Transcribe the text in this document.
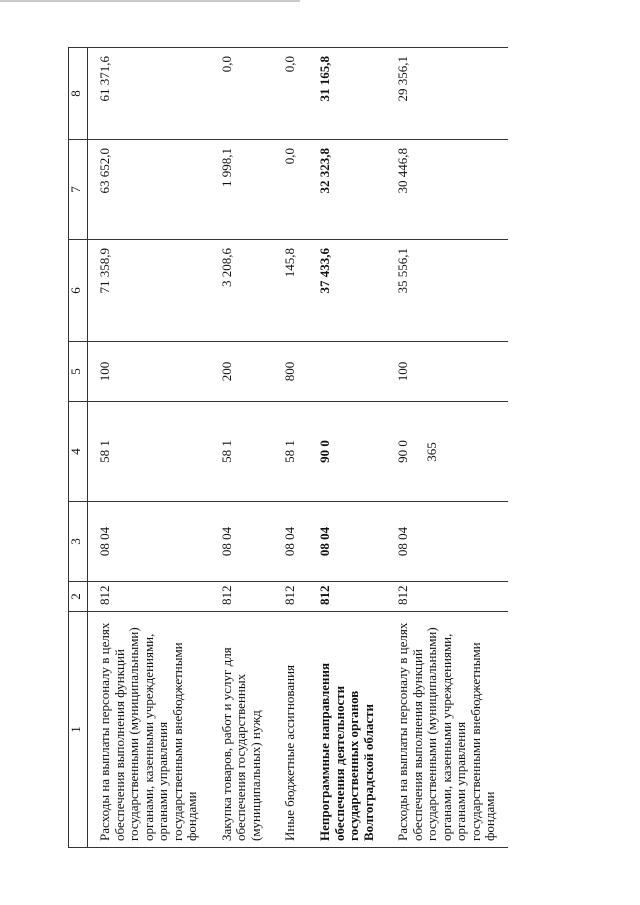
365
1	2	3	4	5	6	7	8
Расходы на выплаты персоналу в целях обеспечения выполнения функций государственными (муниципальными) органами, казенными учреждениями, органами управления государственными внебюджетными фондами	812	08 04	58 1	100	71 358,9	63 652,0	61 371,6
Закупка товаров, работ и услуг для обеспечения государственных (муниципальных) нужд	812	08 04	58 1	200	3 208,6	1 998,1	0,0
Иные бюджетные ассигнования	812	08 04	58 1	800	145,8	0,0	0,0
Непрограммные направления обеспечения деятельности государственных органов Волгоградской области	812	08 04	90 0		37 433,6	32 323,8	31 165,8
Расходы на выплаты персоналу в целях обеспечения выполнения функций государственными (муниципальными) органами, казенными учреждениями, органами управления государственными внебюджетными фондами	812	08 04	90 0	100	35 556,1	30 446,8	29 356,1
